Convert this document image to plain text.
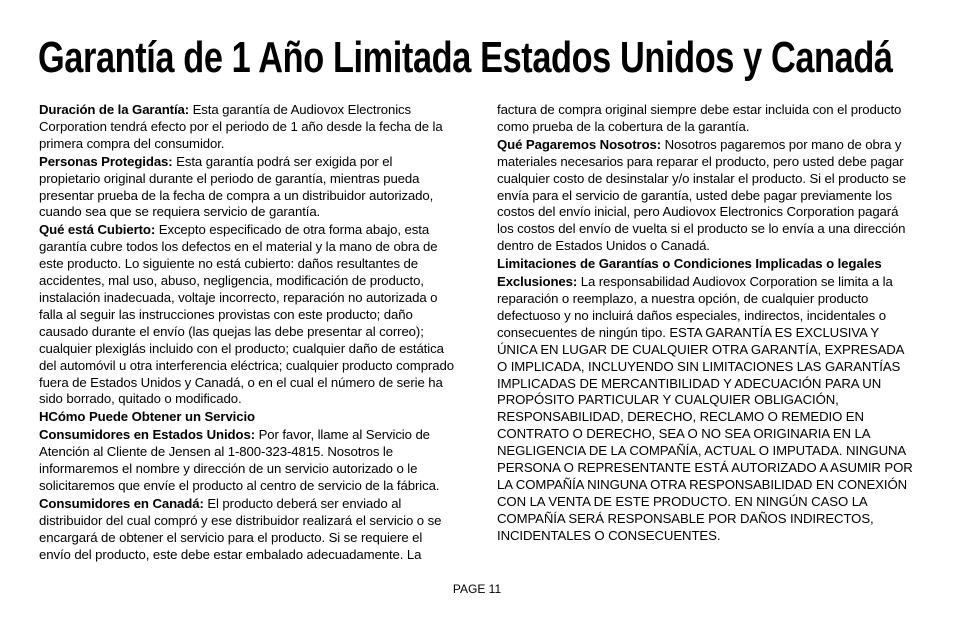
Garantía de 1 Año Limitada Estados Unidos y Canadá

Duración de la Garantía: Esta garantía de Audiovox Electronics Corporation tendrá efecto por el periodo de 1 año desde la fecha de la primera compra del consumidor.

Personas Protegidas: Esta garantía podrá ser exigida por el propietario original durante el periodo de garantía, mientras pueda presentar prueba de la fecha de compra a un distribuidor autorizado, cuando sea que se requiera servicio de garantía.

Qué está Cubierto: Excepto especificado de otra forma abajo, esta garantía cubre todos los defectos en el material y la mano de obra de este producto. Lo siguiente no está cubierto: daños resultantes de accidentes, mal uso, abuso, negligencia, modificación de producto, instalación inadecuada, voltaje incorrecto, reparación no autorizada o falla al seguir las instrucciones provistas con este producto; daño causado durante el envío (las quejas las debe presentar al correo); cualquier plexiglás incluido con el producto; cualquier daño de estática del automóvil u otra interferencia eléctrica; cualquier producto comprado fuera de Estados Unidos y Canadá, o en el cual el número de serie ha sido borrado, quitado o modificado.

HCómo Puede Obtener un Servicio

Consumidores en Estados Unidos: Por favor, llame al Servicio de Atención al Cliente de Jensen al 1-800-323-4815. Nosotros le informaremos el nombre y dirección de un servicio autorizado o le solicitaremos que envíe el producto al centro de servicio de la fábrica.

Consumidores en Canadá: El producto deberá ser enviado al distribuidor del cual compró y ese distribuidor realizará el servicio o se encargará de obtener el servicio para el producto. Si se requiere el envío del producto, este debe estar embalado adecuadamente. La

factura de compra original siempre debe estar incluida con el producto como prueba de la cobertura de la garantía.

Qué Pagaremos Nosotros: Nosotros pagaremos por mano de obra y materiales necesarios para reparar el producto, pero usted debe pagar cualquier costo de desinstalar y/o instalar el producto. Si el producto se envía para el servicio de garantía, usted debe pagar previamente los costos del envío inicial, pero Audiovox Electronics Corporation pagará los costos del envío de vuelta si el producto se lo envía a una dirección dentro de Estados Unidos o Canadá.

Limitaciones de Garantías o Condiciones Implicadas o legales

Exclusiones: La responsabilidad Audiovox Corporation se limita a la reparación o reemplazo, a nuestra opción, de cualquier producto defectuoso y no incluirá daños especiales, indirectos, incidentales o consecuentes de ningún tipo. ESTA GARANTÍA ES EXCLUSIVA Y ÚNICA EN LUGAR DE CUALQUIER OTRA GARANTÍA, EXPRESADA O IMPLICADA, INCLUYENDO SIN LIMITACIONES LAS GARANTÍAS IMPLICADAS DE MERCANTIBILIDAD Y ADECUACIÓN PARA UN PROPÓSITO PARTICULAR Y CUALQUIER OBLIGACIÓN, RESPONSABILIDAD, DERECHO, RECLAMO O REMEDIO EN CONTRATO O DERECHO, SEA O NO SEA ORIGINARIA EN LA NEGLIGENCIA DE LA COMPAÑÍA, ACTUAL O IMPUTADA. NINGUNA PERSONA O REPRESENTANTE ESTÁ AUTORIZADO A ASUMIR POR LA COMPAÑÍA NINGUNA OTRA RESPONSABILIDAD EN CONEXIÓN CON LA VENTA DE ESTE PRODUCTO. EN NINGÚN CASO LA COMPAÑÍA SERÁ RESPONSABLE POR DAÑOS INDIRECTOS, INCIDENTALES O CONSECUENTES.

PAGE 11
